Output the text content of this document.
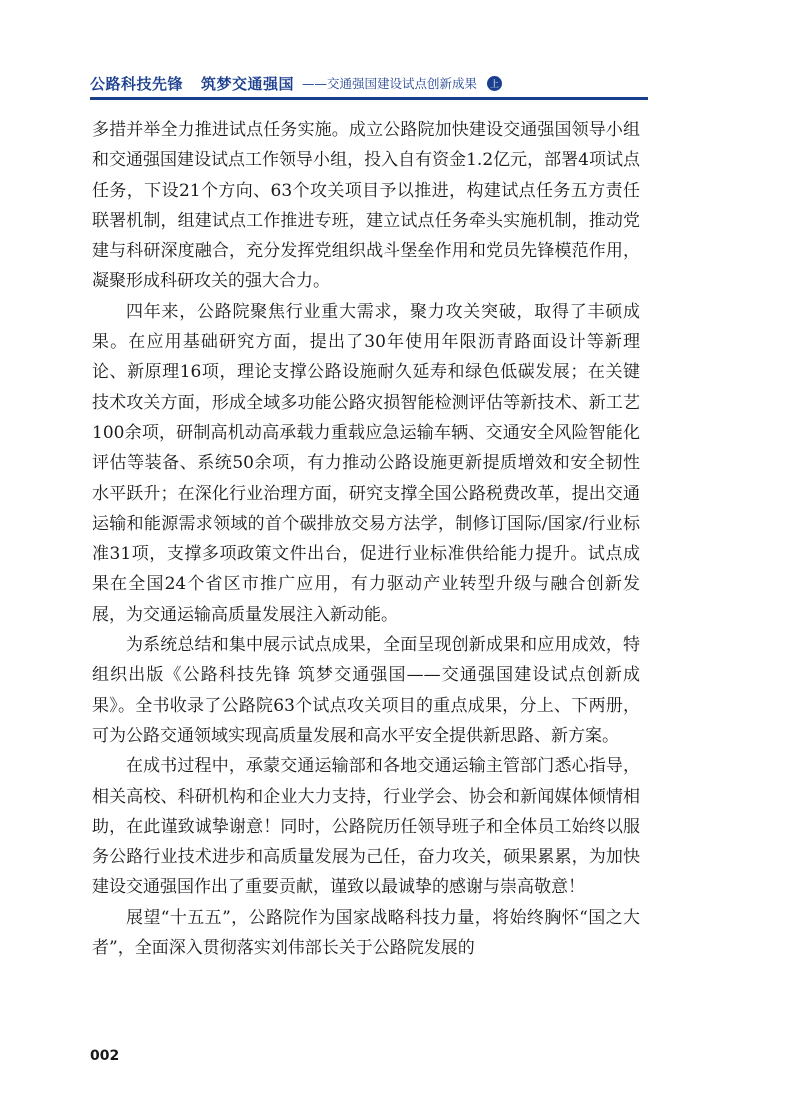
公路科技先锋 筑梦交通强国 ——交通强国建设试点创新成果	上

多措并举全力推进试点任务实施。成立公路院加快建设交通强国领导小组和交通强国建设试点工作领导小组，投入自有资金1.2亿元，部署4项试点任务，下设21个方向、63个攻关项目予以推进，构建试点任务五方责任联署机制，组建试点工作推进专班，建立试点任务牵头实施机制，推动党建与科研深度融合，充分发挥党组织战斗堡垒作用和党员先锋模范作用，凝聚形成科研攻关的强大合力。

四年来，公路院聚焦行业重大需求，聚力攻关突破，取得了丰硕成果。在应用基础研究方面，提出了30年使用年限沥青路面设计等新理论、新原理16项，理论支撑公路设施耐久延寿和绿色低碳发展；在关键技术攻关方面，形成全域多功能公路灾损智能检测评估等新技术、新工艺100余项，研制高机动高承载力重载应急运输车辆、交通安全风险智能化评估等装备、系统50余项，有力推动公路设施更新提质增效和安全韧性水平跃升；在深化行业治理方面，研究支撑全国公路税费改革，提出交通运输和能源需求领域的首个碳排放交易方法学，制修订国际/国家/行业标准31项，支撑多项政策文件出台，促进行业标准供给能力提升。试点成果在全国24个省区市推广应用，有力驱动产业转型升级与融合创新发展，为交通运输高质量发展注入新动能。

为系统总结和集中展示试点成果，全面呈现创新成果和应用成效，特组织出版《公路科技先锋 筑梦交通强国——交通强国建设试点创新成果》。全书收录了公路院63个试点攻关项目的重点成果，分上、下两册，可为公路交通领域实现高质量发展和高水平安全提供新思路、新方案。

在成书过程中，承蒙交通运输部和各地交通运输主管部门悉心指导，相关高校、科研机构和企业大力支持，行业学会、协会和新闻媒体倾情相助，在此谨致诚挚谢意！同时，公路院历任领导班子和全体员工始终以服务公路行业技术进步和高质量发展为己任，奋力攻关，硕果累累，为加快建设交通强国作出了重要贡献，谨致以最诚挚的感谢与崇高敬意！

展望“十五五”，公路院作为国家战略科技力量，将始终胸怀“国之大者”，全面深入贯彻落实刘伟部长关于公路院发展的

002
